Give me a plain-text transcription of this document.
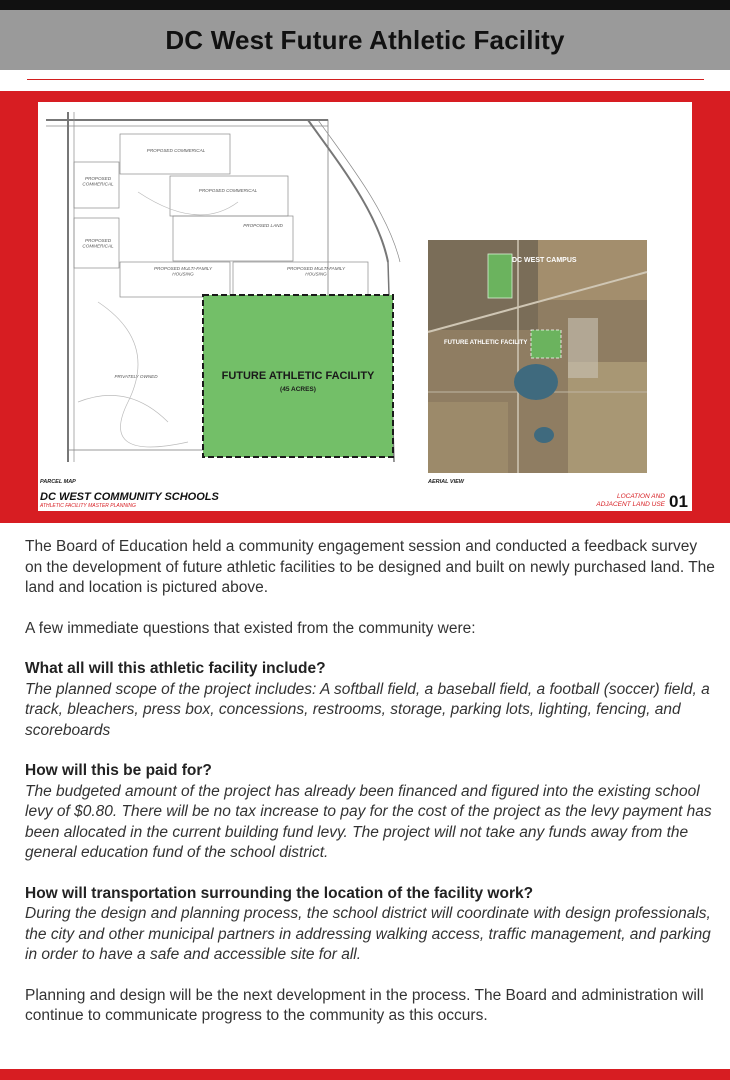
DC West Future Athletic Facility
PROPOSED COMMERICAL
PROPOSED COMMERICAL
PROPOSED COMMERICAL
PROPOSED COMMERICAL
PROPOSED LAND
PROPOSED MULTI-FAMILY HOUSING
PROPOSED MULTI-FAMILY HOUSING
PRIVATELY OWNED	FUTURE ATHLETIC FACILITY
(45 ACRES)
PARCEL MAP
DC WEST CAMPUS
FUTURE ATHLETIC FACILITY
AERIAL VIEW
DC WEST COMMUNITY SCHOOLS
ATHLETIC FACILITY MASTER PLANNING
LOCATION AND
ADJACENT LAND USE 01

The Board of Education held a community engagement session and conducted a feedback survey on the development of future athletic facilities to be designed and built on newly purchased land. The land and location is pictured above.

A few immediate questions that existed from the community were:

What all will this athletic facility include?
The planned scope of the project includes: A softball field, a baseball field, a football (soccer) field, a track, bleachers, press box, concessions, restrooms, storage, parking lots, lighting, fencing, and scoreboards
How will this be paid for?
The budgeted amount of the project has already been financed and figured into the existing school levy of $0.80. There will be no tax increase to pay for the cost of the project as the levy payment has been allocated in the current building fund levy. The project will not take any funds away from the general education fund of the school district.
How will transportation surrounding the location of the facility work?
During the design and planning process, the school district will coordinate with design professionals, the city and other municipal partners in addressing walking access, traffic management, and parking in order to have a safe and accessible site for all.

Planning and design will be the next development in the process. The Board and administration will continue to communicate progress to the community as this occurs.
